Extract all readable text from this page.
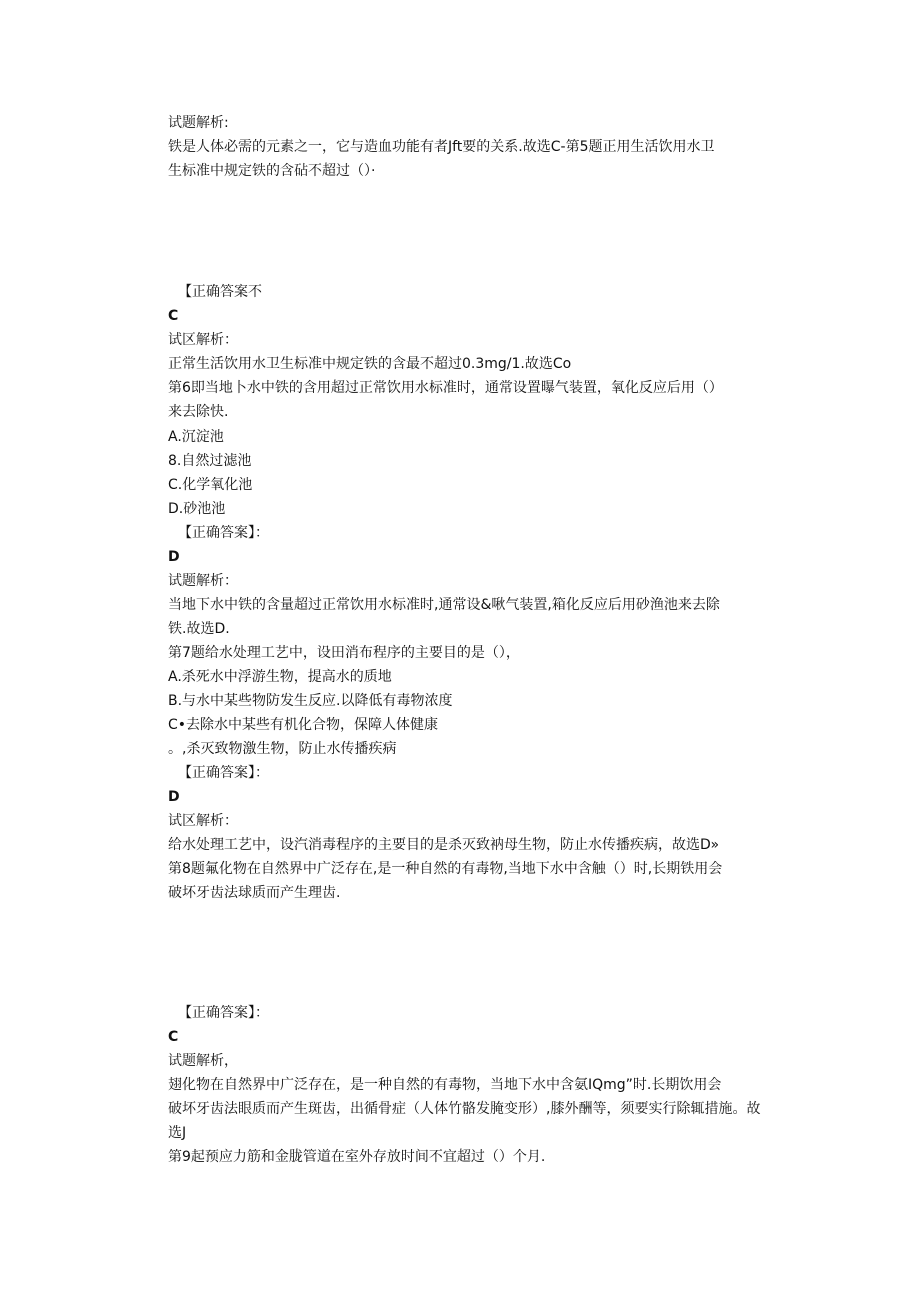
试题解析:

铁是人体必需的元素之一，它与造血功能有者Jft要的关系.故选C-第5题正用生活饮用水卫

生标准中规定铁的含砧不超过（）·

【正确答案不

C

试区解析：

正常生活饮用水卫生标准中规定铁的含最不超过0.3mg/1.故选Co

第6即当地卜水中铁的含用超过正常饮用水标准时，通常设置曝气装置，氧化反应后用（）

来去除快.

A.沉淀池

8.自然过滤池

C.化学氧化池

D.砂池池

【正确答案】：

D

试题解析：

当地下水中铁的含量超过正常饮用水标准时,通常设&啾气装置,箱化反应后用砂渔池来去除

铁.故选D.

第7题给水处理工艺中，设田消布程序的主要目的是（），

A.杀死水中浮游生物，提高水的质地

B.与水中某些物防发生反应.以降低有毒物浓度

C•去除水中某些有机化合物，保障人体健康

。,杀灭致物激生物，防止水传播疾病

【正确答案】：

D

试区解析：

给水处理工艺中，设汽消毒程序的主要目的是杀灭致衲母生物，防止水传播疾病，故选D»

第8题氟化物在自然界中广泛存在,是一种自然的有毒物,当地下水中含触（）时,长期铁用会

破坏牙齿法球质而产生理齿.

【正确答案】：

C

试题解析，

翅化物在自然界中广泛存在，是一种自然的有毒物，当地下水中含氨IQmg”时.长期饮用会

破坏牙齿法眼质而产生斑齿，出循骨症（人体竹骼发腌变形）,膝外酬等，须要实行除辄措施。故

选J

第9起预应力筋和金胧管道在室外存放时间不宜超过（）个月.
